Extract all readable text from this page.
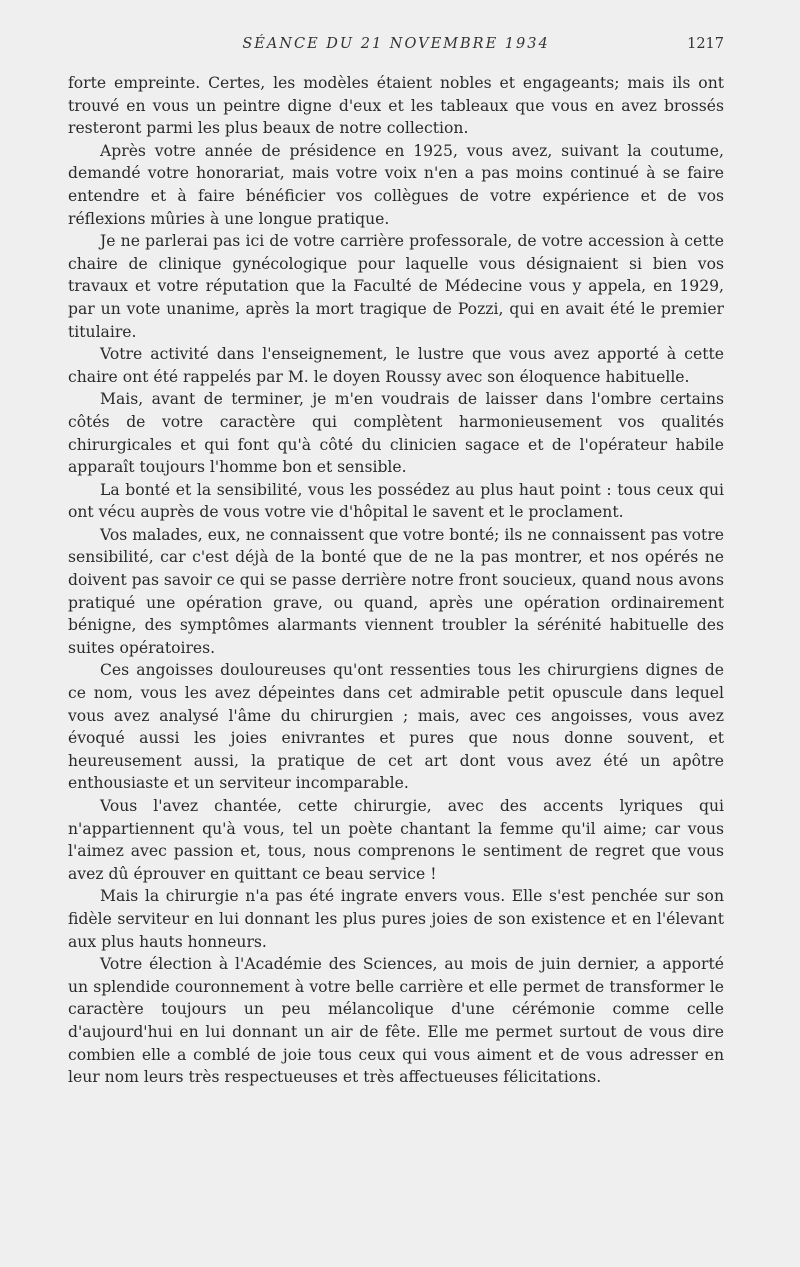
SÉANCE DU 21 NOVEMBRE 1934	1217

forte empreinte. Certes, les modèles étaient nobles et engageants; mais ils ont trouvé en vous un peintre digne d'eux et les tableaux que vous en avez brossés resteront parmi les plus beaux de notre collection.

Après votre année de présidence en 1925, vous avez, suivant la coutume, demandé votre honorariat, mais votre voix n'en a pas moins continué à se faire entendre et à faire bénéficier vos collègues de votre expérience et de vos réflexions mûries à une longue pratique.

Je ne parlerai pas ici de votre carrière professorale, de votre accession à cette chaire de clinique gynécologique pour laquelle vous désignaient si bien vos travaux et votre réputation que la Faculté de Médecine vous y appela, en 1929, par un vote unanime, après la mort tragique de Pozzi, qui en avait été le premier titulaire.

Votre activité dans l'enseignement, le lustre que vous avez apporté à cette chaire ont été rappelés par M. le doyen Roussy avec son éloquence habituelle.

Mais, avant de terminer, je m'en voudrais de laisser dans l'ombre certains côtés de votre caractère qui complètent harmonieusement vos qualités chirurgicales et qui font qu'à côté du clinicien sagace et de l'opérateur habile apparaît toujours l'homme bon et sensible.

La bonté et la sensibilité, vous les possédez au plus haut point : tous ceux qui ont vécu auprès de vous votre vie d'hôpital le savent et le proclament.

Vos malades, eux, ne connaissent que votre bonté; ils ne connaissent pas votre sensibilité, car c'est déjà de la bonté que de ne la pas montrer, et nos opérés ne doivent pas savoir ce qui se passe derrière notre front soucieux, quand nous avons pratiqué une opération grave, ou quand, après une opération ordinairement bénigne, des symptômes alarmants viennent troubler la sérénité habituelle des suites opératoires.

Ces angoisses douloureuses qu'ont ressenties tous les chirurgiens dignes de ce nom, vous les avez dépeintes dans cet admirable petit opuscule dans lequel vous avez analysé l'âme du chirurgien ; mais, avec ces angoisses, vous avez évoqué aussi les joies enivrantes et pures que nous donne souvent, et heureusement aussi, la pratique de cet art dont vous avez été un apôtre enthousiaste et un serviteur incomparable.

Vous l'avez chantée, cette chirurgie, avec des accents lyriques qui n'appartiennent qu'à vous, tel un poète chantant la femme qu'il aime; car vous l'aimez avec passion et, tous, nous comprenons le sentiment de regret que vous avez dû éprouver en quittant ce beau service !

Mais la chirurgie n'a pas été ingrate envers vous. Elle s'est penchée sur son fidèle serviteur en lui donnant les plus pures joies de son existence et en l'élevant aux plus hauts honneurs.

Votre élection à l'Académie des Sciences, au mois de juin dernier, a apporté un splendide couronnement à votre belle carrière et elle permet de transformer le caractère toujours un peu mélancolique d'une cérémonie comme celle d'aujourd'hui en lui donnant un air de fête. Elle me permet surtout de vous dire combien elle a comblé de joie tous ceux qui vous aiment et de vous adresser en leur nom leurs très respectueuses et très affectueuses félicitations.
